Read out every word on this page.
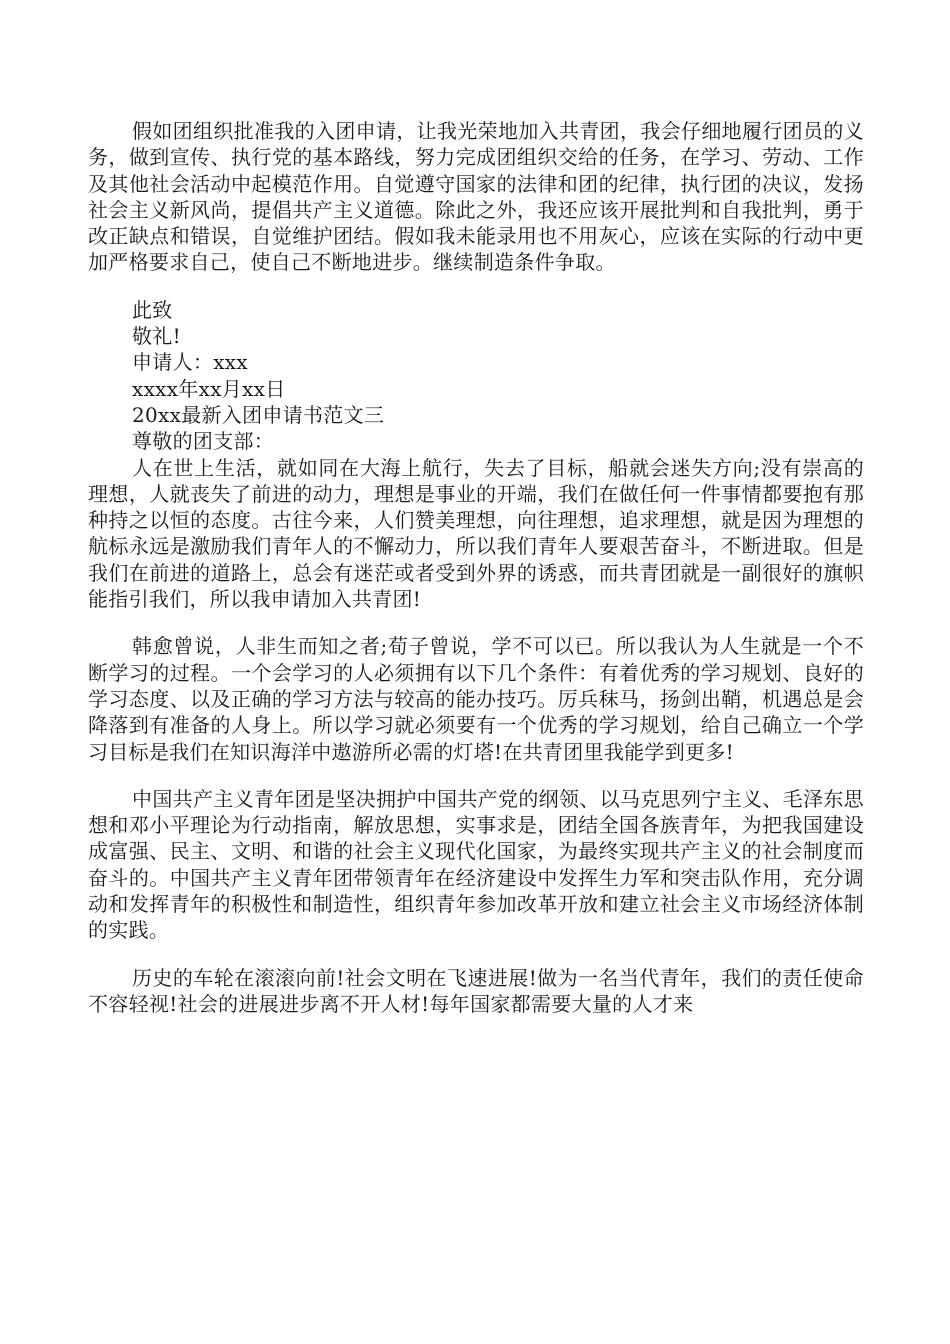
假如团组织批准我的入团申请，让我光荣地加入共青团，我会仔细地履行团员的义务，做到宣传、执行党的基本路线，努力完成团组织交给的任务，在学习、劳动、工作及其他社会活动中起模范作用。自觉遵守国家的法律和团的纪律，执行团的决议，发扬社会主义新风尚，提倡共产主义道德。除此之外，我还应该开展批判和自我批判，勇于改正缺点和错误，自觉维护团结。假如我未能录用也不用灰心，应该在实际的行动中更加严格要求自己，使自己不断地进步。继续制造条件争取。

此致

敬礼!

申请人：xxx

xxxx年xx月xx日

20xx最新入团申请书范文三

尊敬的团支部：

人在世上生活，就如同在大海上航行，失去了目标，船就会迷失方向;没有崇高的理想，人就丧失了前进的动力，理想是事业的开端，我们在做任何一件事情都要抱有那种持之以恒的态度。古往今来，人们赞美理想，向往理想，追求理想，就是因为理想的航标永远是激励我们青年人的不懈动力，所以我们青年人要艰苦奋斗，不断进取。但是我们在前进的道路上，总会有迷茫或者受到外界的诱惑，而共青团就是一副很好的旗帜能指引我们，所以我申请加入共青团!

韩愈曾说，人非生而知之者;荀子曾说，学不可以已。所以我认为人生就是一个不断学习的过程。一个会学习的人必须拥有以下几个条件：有着优秀的学习规划、良好的学习态度、以及正确的学习方法与较高的能办技巧。厉兵秣马，扬剑出鞘，机遇总是会降落到有准备的人身上。所以学习就必须要有一个优秀的学习规划，给自己确立一个学习目标是我们在知识海洋中遨游所必需的灯塔!在共青团里我能学到更多!

中国共产主义青年团是坚决拥护中国共产党的纲领、以马克思列宁主义、毛泽东思想和邓小平理论为行动指南，解放思想，实事求是，团结全国各族青年，为把我国建设成富强、民主、文明、和谐的社会主义现代化国家，为最终实现共产主义的社会制度而奋斗的。中国共产主义青年团带领青年在经济建设中发挥生力军和突击队作用，充分调动和发挥青年的积极性和制造性，组织青年参加改革开放和建立社会主义市场经济体制的实践。

历史的车轮在滚滚向前!社会文明在飞速进展!做为一名当代青年，我们的责任使命不容轻视!社会的进展进步离不开人材!每年国家都需要大量的人才来
